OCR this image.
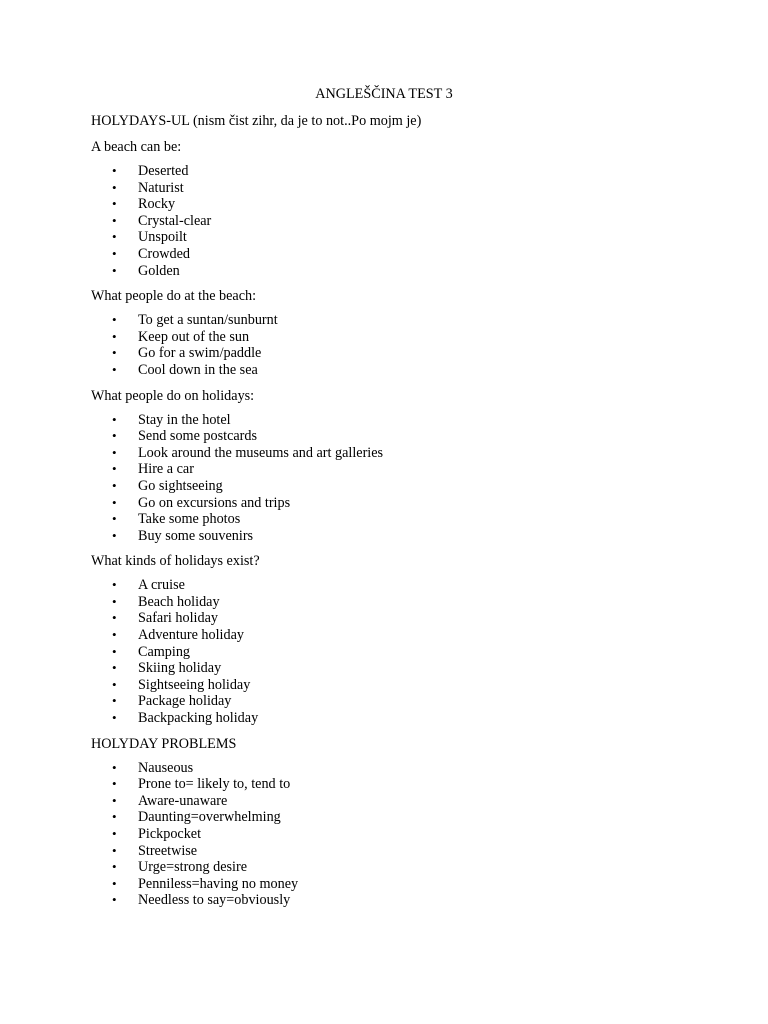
ANGLEŠČINA TEST 3

HOLYDAYS-UL (nism čist zihr, da je to not..Po mojm je)

A beach can be:

• Deserted
• Naturist
• Rocky
• Crystal-clear
• Unspoilt
• Crowded
• Golden

What people do at the beach:

• To get a suntan/sunburnt
• Keep out of the sun
• Go for a swim/paddle
• Cool down in the sea

What people do on holidays:

• Stay in the hotel
• Send some postcards
• Look around the museums and art galleries
• Hire a car
• Go sightseeing
• Go on excursions and trips
• Take some photos
• Buy some souvenirs

What kinds of holidays exist?

• A cruise
• Beach holiday
• Safari holiday
• Adventure holiday
• Camping
• Skiing holiday
• Sightseeing holiday
• Package holiday
• Backpacking holiday

HOLYDAY PROBLEMS

• Nauseous
• Prone to= likely to, tend to
• Aware-unaware
• Daunting=overwhelming
• Pickpocket
• Streetwise
• Urge=strong desire
• Penniless=having no money
• Needless to say=obviously
